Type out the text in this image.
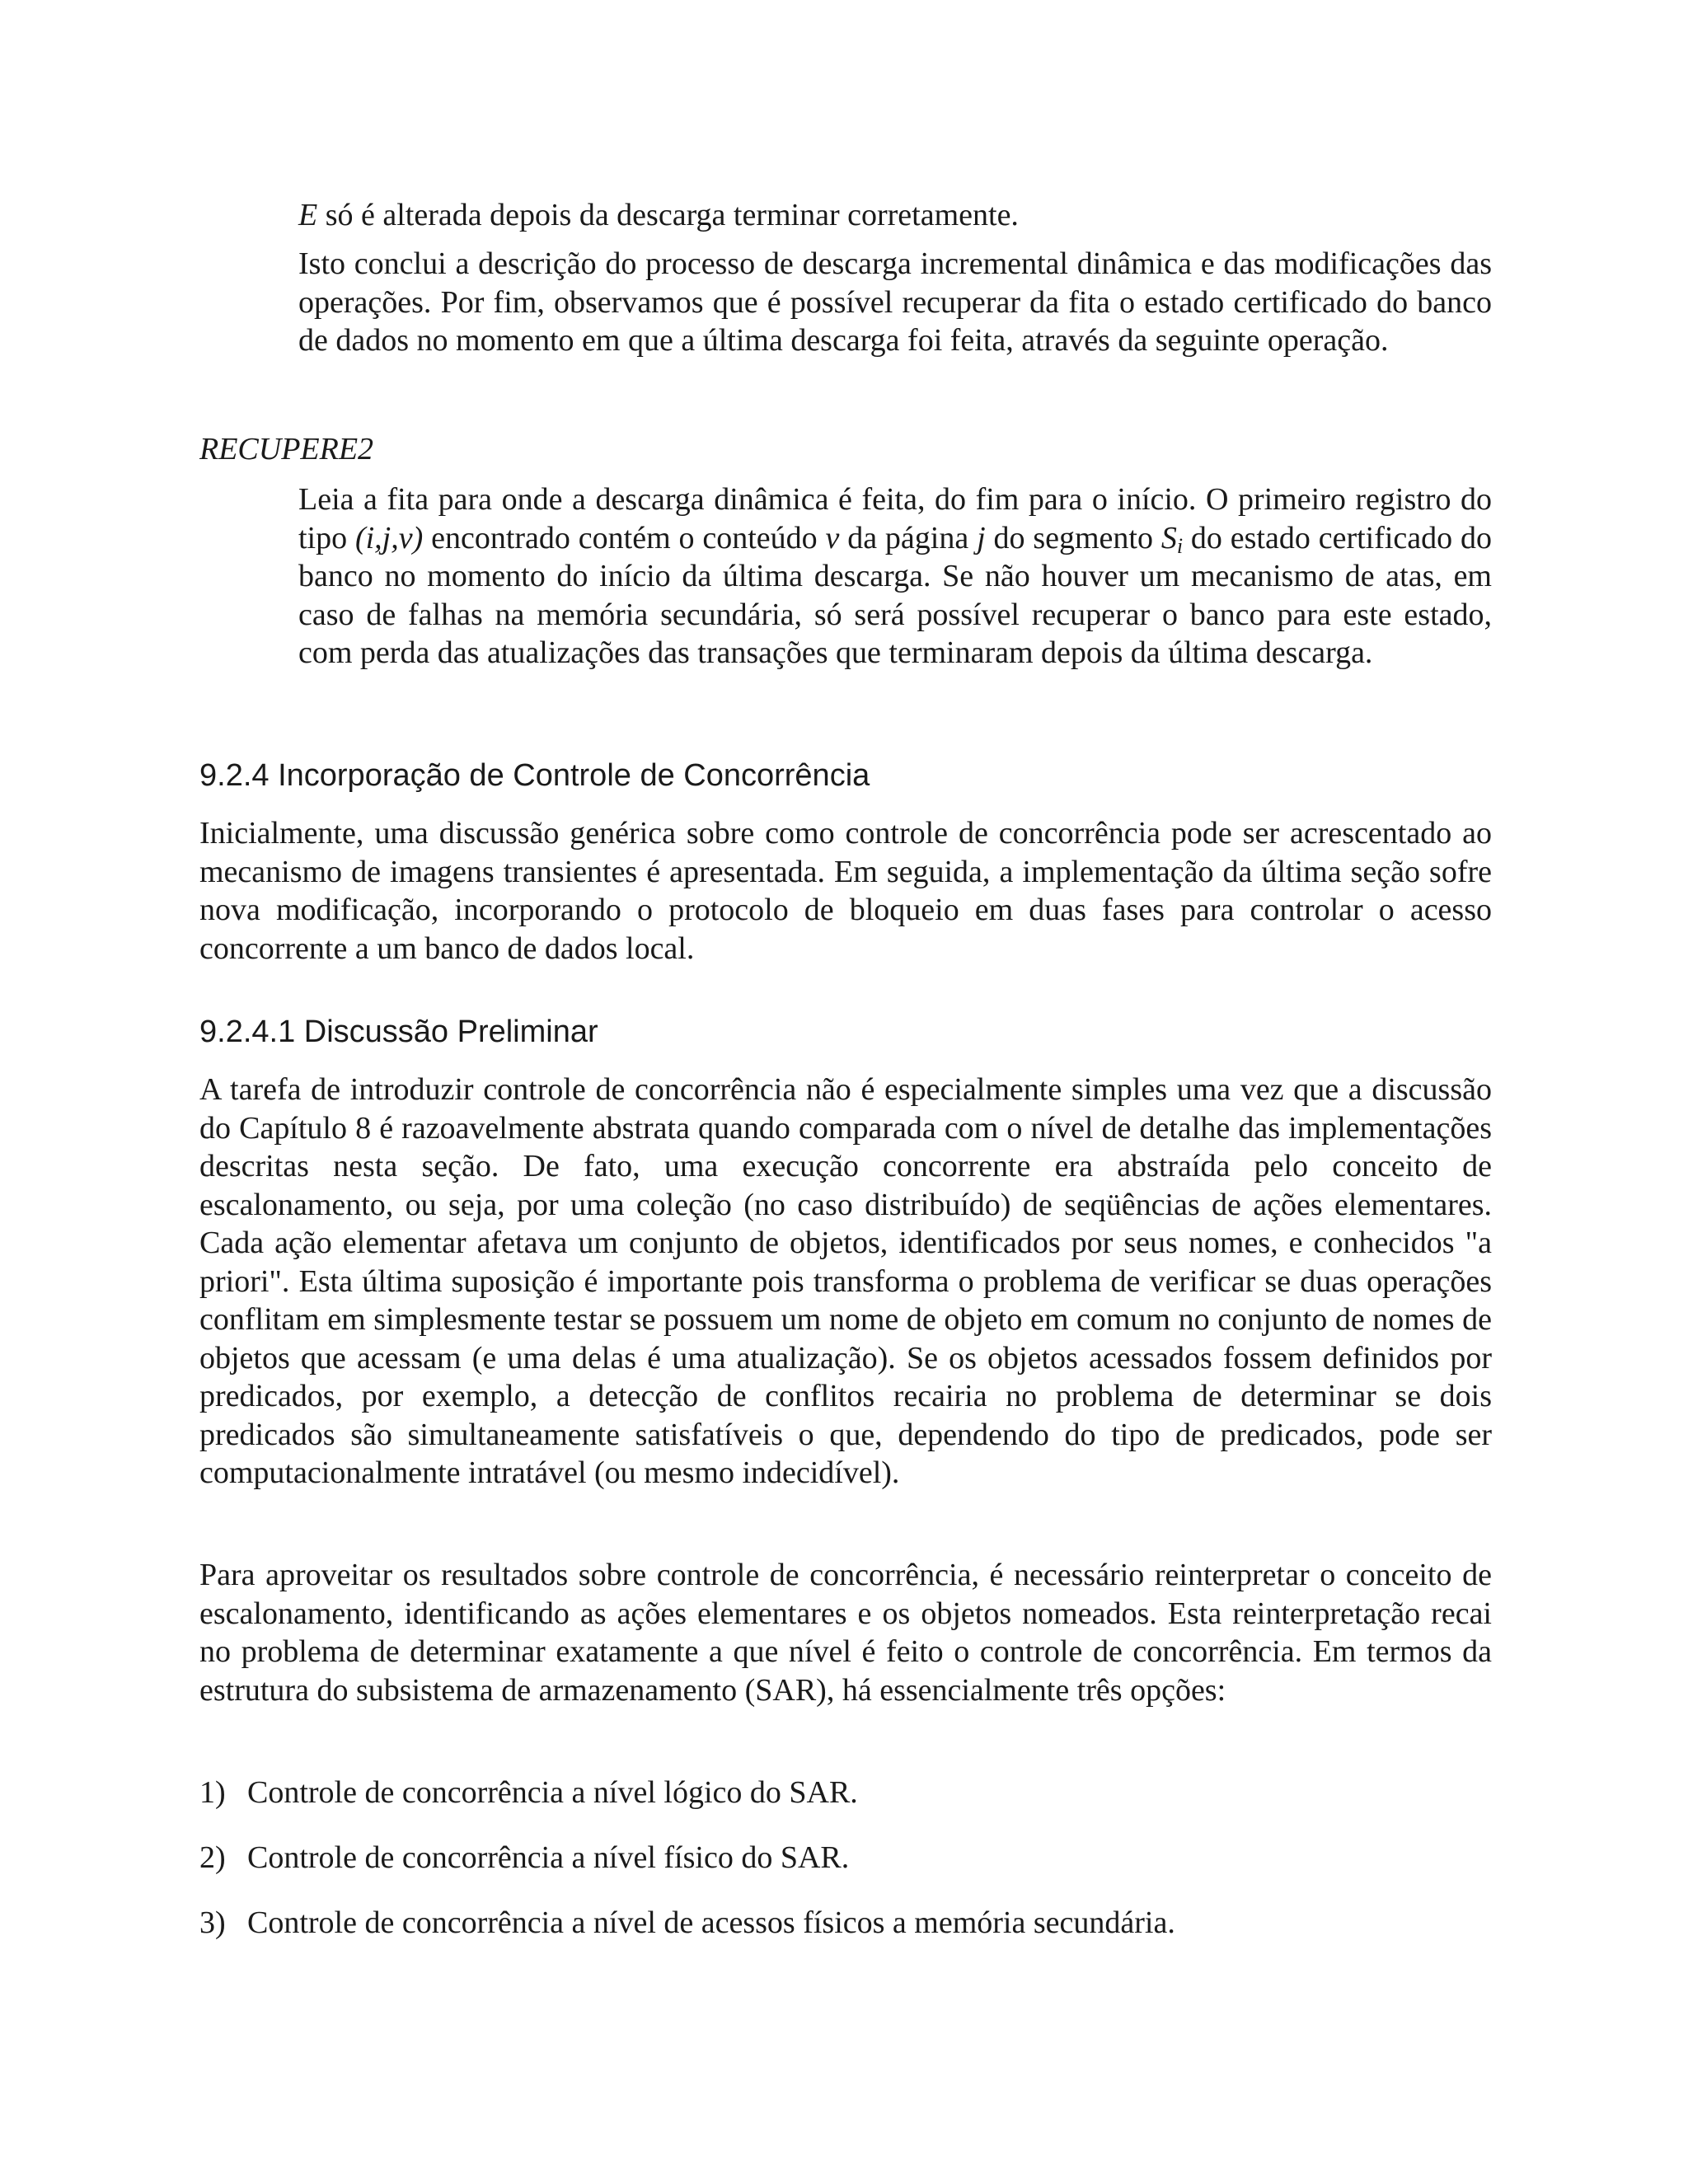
E só é alterada depois da descarga terminar corretamente.

Isto conclui a descrição do processo de descarga incremental dinâmica e das modificações das operações. Por fim, observamos que é possível recuperar da fita o estado certificado do banco de dados no momento em que a última descarga foi feita, através da seguinte operação.

RECUPERE2

Leia a fita para onde a descarga dinâmica é feita, do fim para o início. O primeiro registro do tipo (i,j,v) encontrado contém o conteúdo v da página j do segmento $S_i$ do estado certificado do banco no momento do início da última descarga. Se não houver um mecanismo de atas, em caso de falhas na memória secundária, só será possível recuperar o banco para este estado, com perda das atualizações das transações que terminaram depois da última descarga.

9.2.4 Incorporação de Controle de Concorrência

Inicialmente, uma discussão genérica sobre como controle de concorrência pode ser acrescentado ao mecanismo de imagens transientes é apresentada. Em seguida, a implementação da última seção sofre nova modificação, incorporando o protocolo de bloqueio em duas fases para controlar o acesso concorrente a um banco de dados local.

9.2.4.1 Discussão Preliminar

A tarefa de introduzir controle de concorrência não é especialmente simples uma vez que a discussão do Capítulo 8 é razoavelmente abstrata quando comparada com o nível de detalhe das implementações descritas nesta seção. De fato, uma execução concorrente era abstraída pelo conceito de escalonamento, ou seja, por uma coleção (no caso distribuído) de seqüências de ações elementares. Cada ação elementar afetava um conjunto de objetos, identificados por seus nomes, e conhecidos "a priori". Esta última suposição é importante pois transforma o problema de verificar se duas operações conflitam em simplesmente testar se possuem um nome de objeto em comum no conjunto de nomes de objetos que acessam (e uma delas é uma atualização). Se os objetos acessados fossem definidos por predicados, por exemplo, a detecção de conflitos recairia no problema de determinar se dois predicados são simultaneamente satisfatíveis o que, dependendo do tipo de predicados, pode ser computacionalmente intratável (ou mesmo indecidível).

Para aproveitar os resultados sobre controle de concorrência, é necessário reinterpretar o conceito de escalonamento, identificando as ações elementares e os objetos nomeados. Esta reinterpretação recai no problema de determinar exatamente a que nível é feito o controle de concorrência. Em termos da estrutura do subsistema de armazenamento (SAR), há essencialmente três opções:

1) Controle de concorrência a nível lógico do SAR.

2) Controle de concorrência a nível físico do SAR.

3) Controle de concorrência a nível de acessos físicos a memória secundária.
